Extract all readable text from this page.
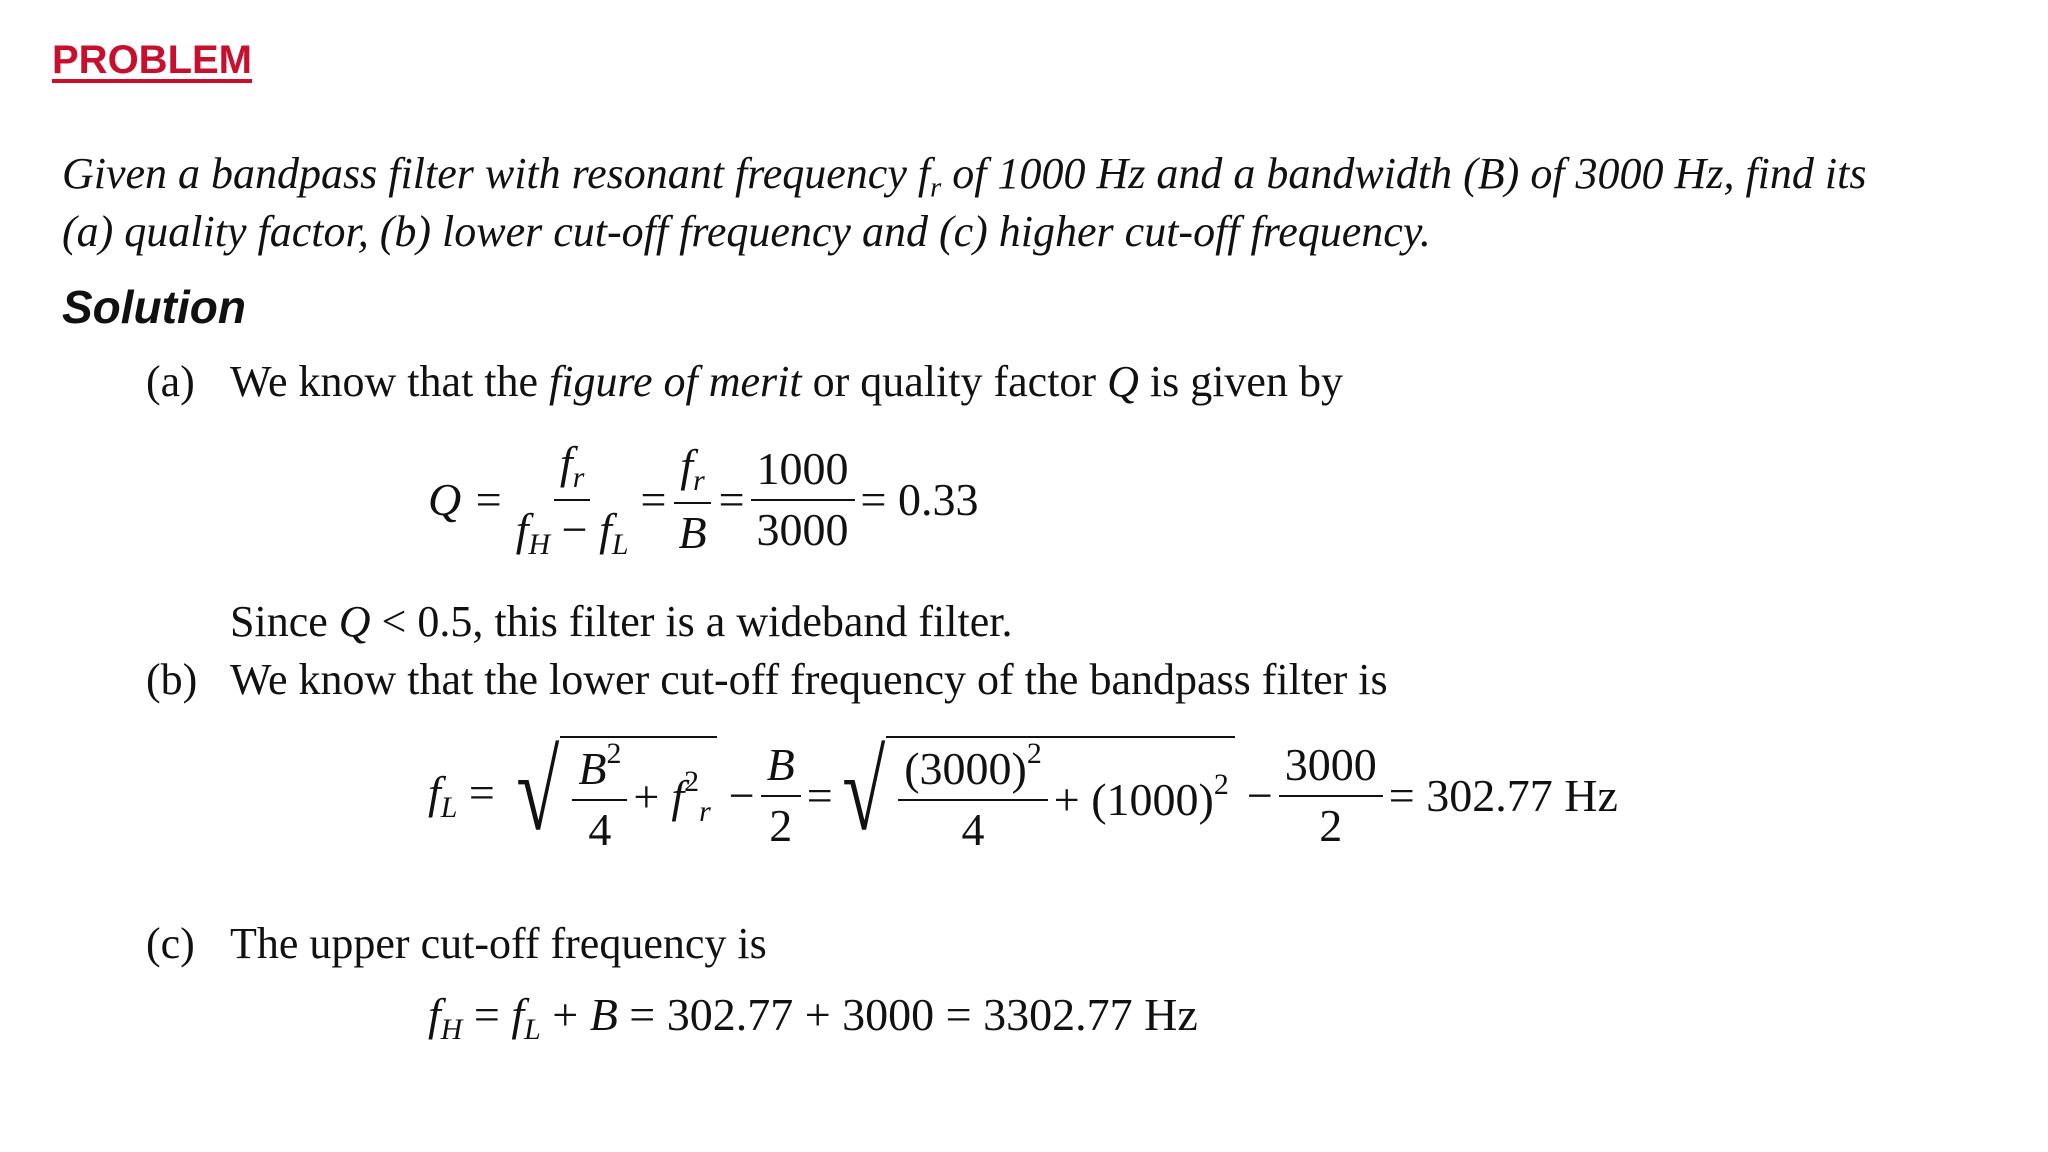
PROBLEM
Given a bandpass filter with resonant frequency $f_r$ of 1000 Hz and a bandwidth (B) of 3000 Hz, find its
(a) quality factor, (b) lower cut-off frequency and (c) higher cut-off frequency.
Solution
(a) We know that the figure of merit or quality factor Q is given by
$Q = \frac{f_r}{f_H - f_L} = \frac{f_r}{B} = \frac{1000}{3000} = 0.33$
Since Q < 0.5, this filter is a wideband filter.
(b) We know that the lower cut-off frequency of the bandpass filter is
$f_L$ = √ $\frac{B^2}{4} + f^2_r - \frac{B}{2}$ = √ $\frac{(3000)^2}{4} + (1000)^2 - \frac{3000}{2} = 302.77$ Hz
(c) The upper cut-off frequency is
$f_H = f_L + B = 302.77 + 3000 = 3302.77$ Hz
